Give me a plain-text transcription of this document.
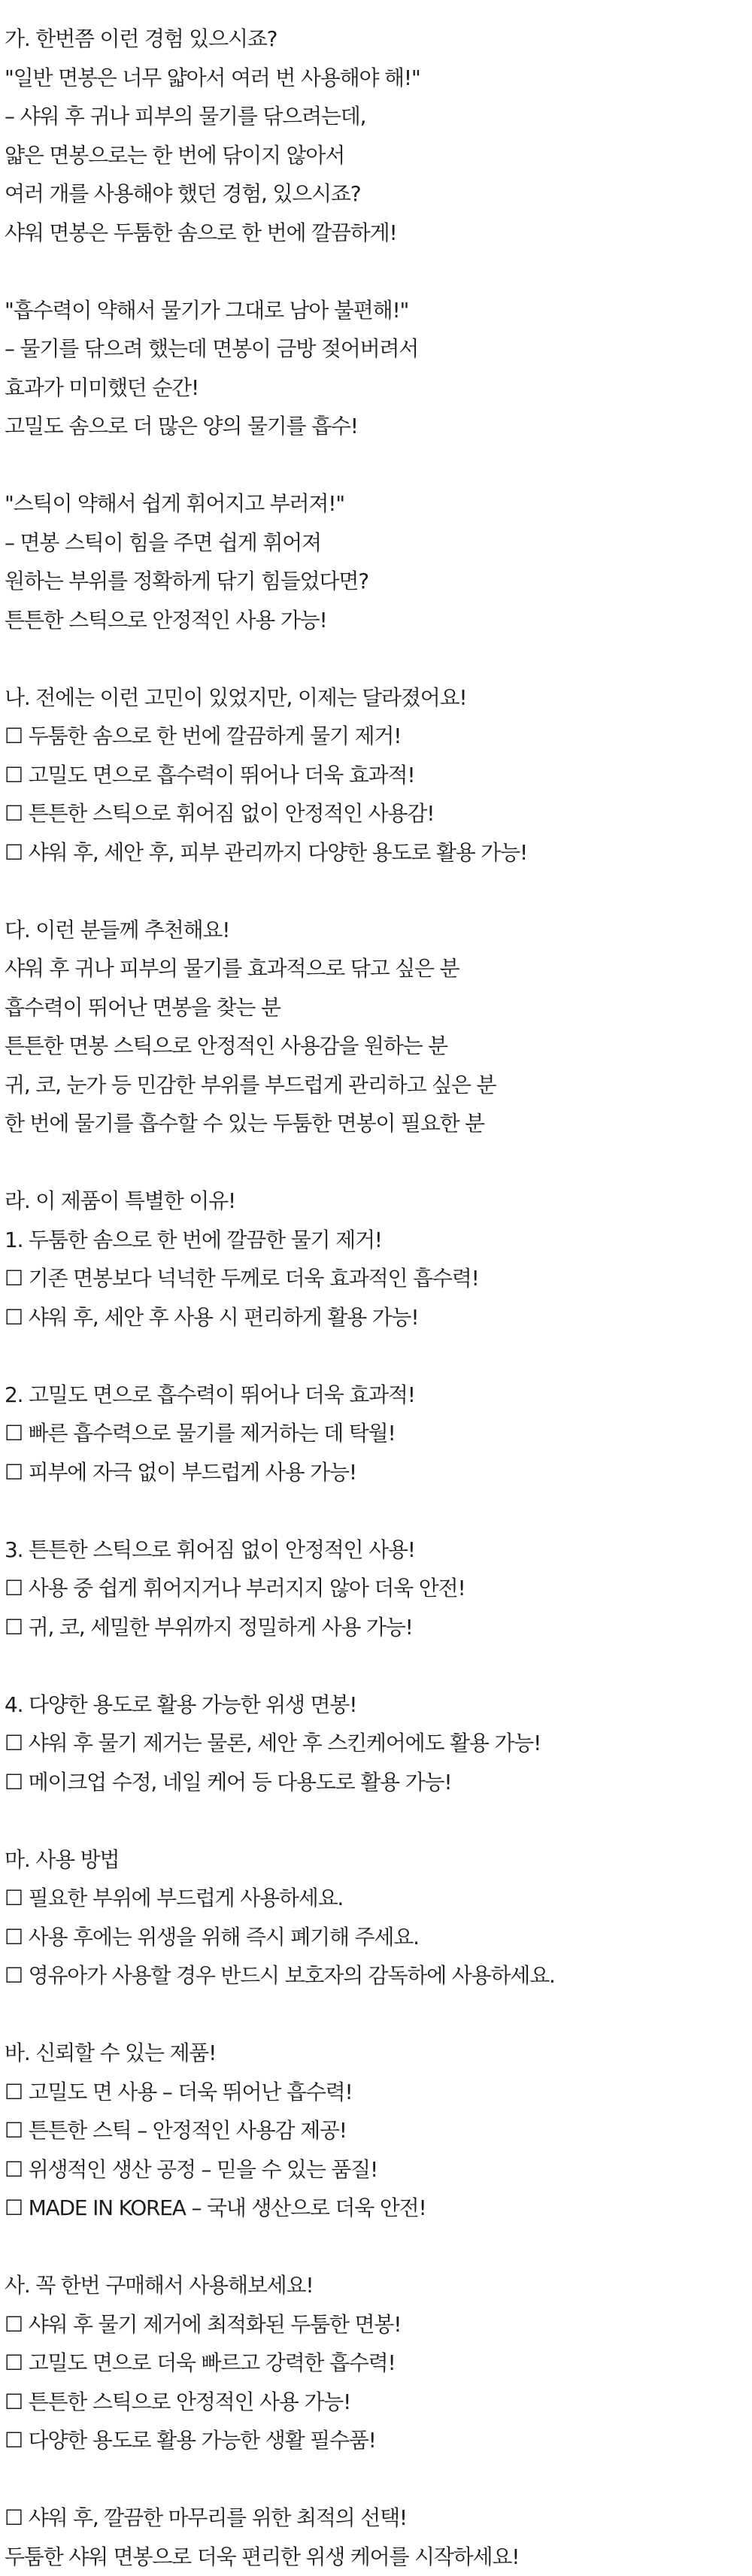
가. 한번쯤 이런 경험 있으시죠?
"일반 면봉은 너무 얇아서 여러 번 사용해야 해!"
– 샤워 후 귀나 피부의 물기를 닦으려는데,
얇은 면봉으로는 한 번에 닦이지 않아서
여러 개를 사용해야 했던 경험, 있으시죠?
샤워 면봉은 두툼한 솜으로 한 번에 깔끔하게!
"흡수력이 약해서 물기가 그대로 남아 불편해!"
– 물기를 닦으려 했는데 면봉이 금방 젖어버려서
효과가 미미했던 순간!
고밀도 솜으로 더 많은 양의 물기를 흡수!
"스틱이 약해서 쉽게 휘어지고 부러져!"
– 면봉 스틱이 힘을 주면 쉽게 휘어져
원하는 부위를 정확하게 닦기 힘들었다면?
튼튼한 스틱으로 안정적인 사용 가능!
나. 전에는 이런 고민이 있었지만, 이제는 달라졌어요!
☐ 두툼한 솜으로 한 번에 깔끔하게 물기 제거!
☐ 고밀도 면으로 흡수력이 뛰어나 더욱 효과적!
☐ 튼튼한 스틱으로 휘어짐 없이 안정적인 사용감!
☐ 샤워 후, 세안 후, 피부 관리까지 다양한 용도로 활용 가능!
다. 이런 분들께 추천해요!
샤워 후 귀나 피부의 물기를 효과적으로 닦고 싶은 분
흡수력이 뛰어난 면봉을 찾는 분
튼튼한 면봉 스틱으로 안정적인 사용감을 원하는 분
귀, 코, 눈가 등 민감한 부위를 부드럽게 관리하고 싶은 분
한 번에 물기를 흡수할 수 있는 두툼한 면봉이 필요한 분
라. 이 제품이 특별한 이유!
1. 두툼한 솜으로 한 번에 깔끔한 물기 제거!
☐ 기존 면봉보다 넉넉한 두께로 더욱 효과적인 흡수력!
☐ 샤워 후, 세안 후 사용 시 편리하게 활용 가능!
2. 고밀도 면으로 흡수력이 뛰어나 더욱 효과적!
☐ 빠른 흡수력으로 물기를 제거하는 데 탁월!
☐ 피부에 자극 없이 부드럽게 사용 가능!
3. 튼튼한 스틱으로 휘어짐 없이 안정적인 사용!
☐ 사용 중 쉽게 휘어지거나 부러지지 않아 더욱 안전!
☐ 귀, 코, 세밀한 부위까지 정밀하게 사용 가능!
4. 다양한 용도로 활용 가능한 위생 면봉!
☐ 샤워 후 물기 제거는 물론, 세안 후 스킨케어에도 활용 가능!
☐ 메이크업 수정, 네일 케어 등 다용도로 활용 가능!
마. 사용 방법
☐ 필요한 부위에 부드럽게 사용하세요.
☐ 사용 후에는 위생을 위해 즉시 폐기해 주세요.
☐ 영유아가 사용할 경우 반드시 보호자의 감독하에 사용하세요.
바. 신뢰할 수 있는 제품!
☐ 고밀도 면 사용 – 더욱 뛰어난 흡수력!
☐ 튼튼한 스틱 – 안정적인 사용감 제공!
☐ 위생적인 생산 공정 – 믿을 수 있는 품질!
☐ MADE IN KOREA – 국내 생산으로 더욱 안전!
사. 꼭 한번 구매해서 사용해보세요!
☐ 샤워 후 물기 제거에 최적화된 두툼한 면봉!
☐ 고밀도 면으로 더욱 빠르고 강력한 흡수력!
☐ 튼튼한 스틱으로 안정적인 사용 가능!
☐ 다양한 용도로 활용 가능한 생활 필수품!
☐ 샤워 후, 깔끔한 마무리를 위한 최적의 선택!
두툼한 샤워 면봉으로 더욱 편리한 위생 케어를 시작하세요!
